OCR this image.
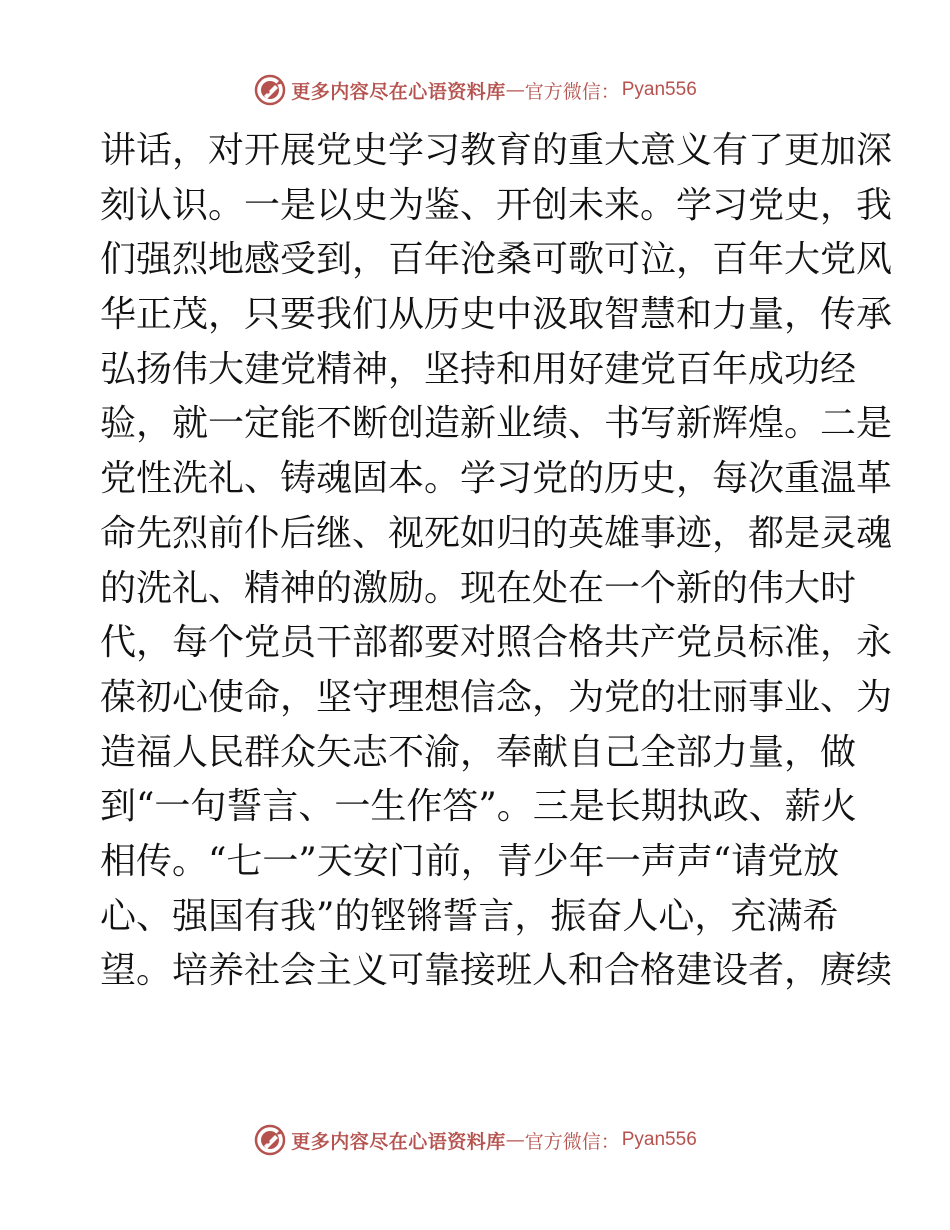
更多内容尽在心语资料库 — 官方微信： Pyan556
讲话，对开展党史学习教育的重大意义有了更加深
刻认识。一是以史为鉴、开创未来。学习党史，我
们强烈地感受到，百年沧桑可歌可泣，百年大党风
华正茂，只要我们从历史中汲取智慧和力量，传承
弘扬伟大建党精神，坚持和用好建党百年成功经
验，就一定能不断创造新业绩、书写新辉煌。二是
党性洗礼、铸魂固本。学习党的历史，每次重温革
命先烈前仆后继、视死如归的英雄事迹，都是灵魂
的洗礼、精神的激励。现在处在一个新的伟大时
代，每个党员干部都要对照合格共产党员标准，永
葆初心使命，坚守理想信念，为党的壮丽事业、为
造福人民群众矢志不渝，奉献自己全部力量，做
到“一句誓言、一生作答”。三是长期执政、薪火
相传。“七一”天安门前，青少年一声声“请党放
心、强国有我”的铿锵誓言，振奋人心，充满希
望。培养社会主义可靠接班人和合格建设者，赓续
更多内容尽在心语资料库 — 官方微信： Pyan556
